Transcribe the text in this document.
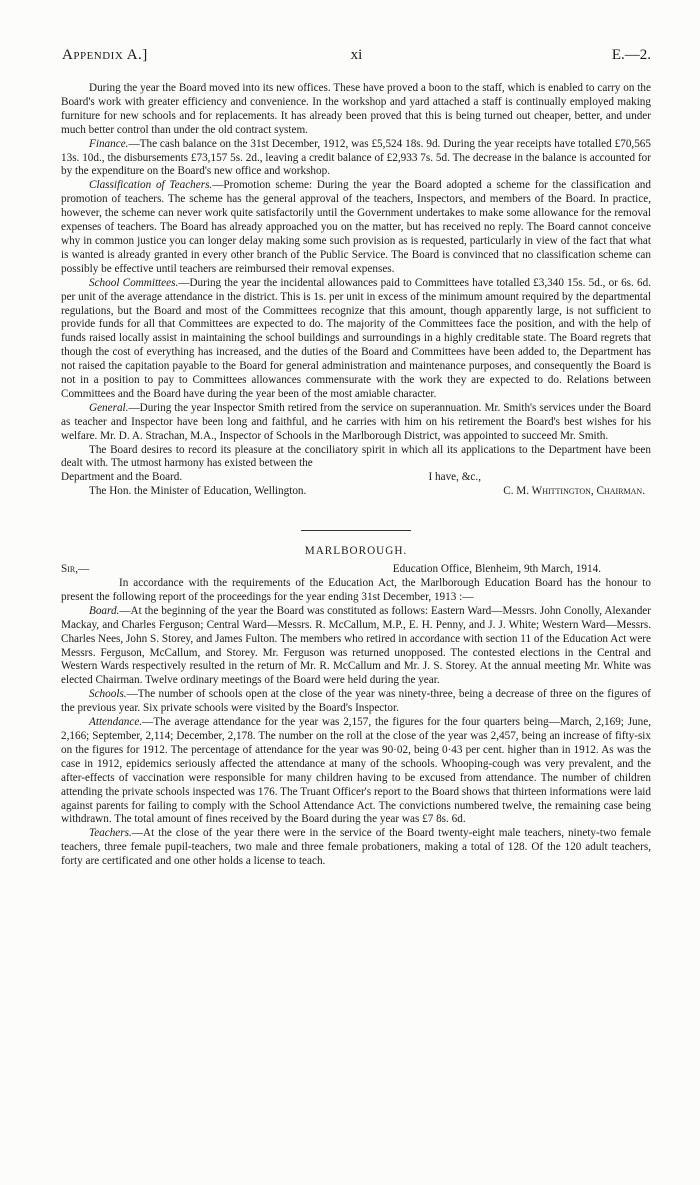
Appendix A.]	xi	E.—2.

During the year the Board moved into its new offices. These have proved a boon to the staff, which is enabled to carry on the Board's work with greater efficiency and convenience. In the workshop and yard attached a staff is continually employed making furniture for new schools and for replacements. It has already been proved that this is being turned out cheaper, better, and under much better control than under the old contract system.

Finance.—The cash balance on the 31st December, 1912, was £5,524 18s. 9d. During the year receipts have totalled £70,565 13s. 10d., the disbursements £73,157 5s. 2d., leaving a credit balance of £2,933 7s. 5d. The decrease in the balance is accounted for by the expenditure on the Board's new office and workshop.

Classification of Teachers.—Promotion scheme: During the year the Board adopted a scheme for the classification and promotion of teachers. The scheme has the general approval of the teachers, Inspectors, and members of the Board. In practice, however, the scheme can never work quite satisfactorily until the Government undertakes to make some allowance for the removal expenses of teachers. The Board has already approached you on the matter, but has received no reply. The Board cannot conceive why in common justice you can longer delay making some such provision as is requested, particularly in view of the fact that what is wanted is already granted in every other branch of the Public Service. The Board is convinced that no classification scheme can possibly be effective until teachers are reimbursed their removal expenses.

School Committees.—During the year the incidental allowances paid to Committees have totalled £3,340 15s. 5d., or 6s. 6d. per unit of the average attendance in the district. This is 1s. per unit in excess of the minimum amount required by the departmental regulations, but the Board and most of the Committees recognize that this amount, though apparently large, is not sufficient to provide funds for all that Committees are expected to do. The majority of the Committees face the position, and with the help of funds raised locally assist in maintaining the school buildings and surroundings in a highly creditable state. The Board regrets that though the cost of everything has increased, and the duties of the Board and Committees have been added to, the Department has not raised the capitation payable to the Board for general administration and maintenance purposes, and consequently the Board is not in a position to pay to Committees allowances commensurate with the work they are expected to do. Relations between Committees and the Board have during the year been of the most amiable character.

General.—During the year Inspector Smith retired from the service on superannuation. Mr. Smith's services under the Board as teacher and Inspector have been long and faithful, and he carries with him on his retirement the Board's best wishes for his welfare. Mr. D. A. Strachan, M.A., Inspector of Schools in the Marlborough District, was appointed to succeed Mr. Smith.

The Board desires to record its pleasure at the conciliatory spirit in which all its applications to the Department have been dealt with. The utmost harmony has existed between the

Department and the Board.	I have, &c.,
The Hon. the Minister of Education, Wellington.	C. M. Whittington, Chairman.
MARLBOROUGH.
Sir,—	Education Office, Blenheim, 9th March, 1914.

In accordance with the requirements of the Education Act, the Marlborough Education Board has the honour to present the following report of the proceedings for the year ending 31st December, 1913 :—

Board.—At the beginning of the year the Board was constituted as follows: Eastern Ward—Messrs. John Conolly, Alexander Mackay, and Charles Ferguson; Central Ward—Messrs. R. McCallum, M.P., E. H. Penny, and J. J. White; Western Ward—Messrs. Charles Nees, John S. Storey, and James Fulton. The members who retired in accordance with section 11 of the Education Act were Messrs. Ferguson, McCallum, and Storey. Mr. Ferguson was returned unopposed. The contested elections in the Central and Western Wards respectively resulted in the return of Mr. R. McCallum and Mr. J. S. Storey. At the annual meeting Mr. White was elected Chairman. Twelve ordinary meetings of the Board were held during the year.

Schools.—The number of schools open at the close of the year was ninety-three, being a decrease of three on the figures of the previous year. Six private schools were visited by the Board's Inspector.

Attendance.—The average attendance for the year was 2,157, the figures for the four quarters being—March, 2,169; June, 2,166; September, 2,114; December, 2,178. The number on the roll at the close of the year was 2,457, being an increase of fifty-six on the figures for 1912. The percentage of attendance for the year was 90·02, being 0·43 per cent. higher than in 1912. As was the case in 1912, epidemics seriously affected the attendance at many of the schools. Whooping-cough was very prevalent, and the after-effects of vaccination were responsible for many children having to be excused from attendance. The number of children attending the private schools inspected was 176. The Truant Officer's report to the Board shows that thirteen informations were laid against parents for failing to comply with the School Attendance Act. The convictions numbered twelve, the remaining case being withdrawn. The total amount of fines received by the Board during the year was £7 8s. 6d.

Teachers.—At the close of the year there were in the service of the Board twenty-eight male teachers, ninety-two female teachers, three female pupil-teachers, two male and three female probationers, making a total of 128. Of the 120 adult teachers, forty are certificated and one other holds a license to teach.
